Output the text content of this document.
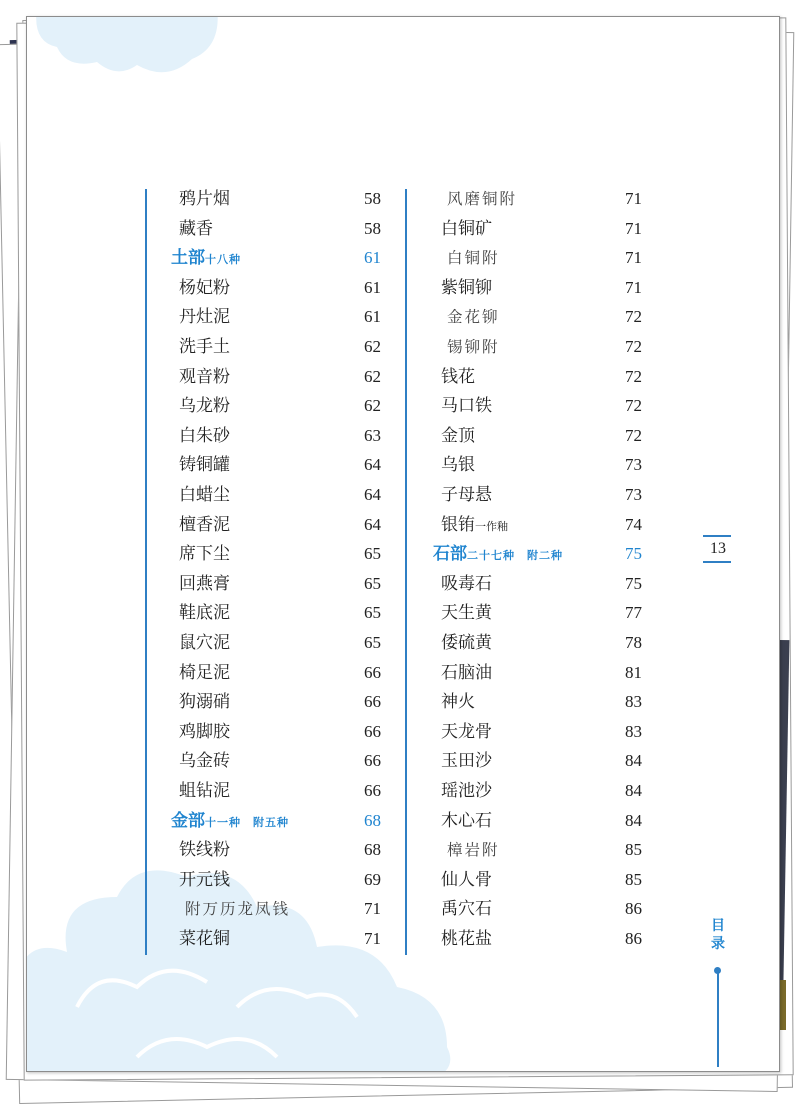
鸦片烟	58
藏香	58
土部十八种	61
杨妃粉	61
丹灶泥	61
洗手土	62
观音粉	62
乌龙粉	62
白朱砂	63
铸铜罐	64
白蜡尘	64
檀香泥	64
席下尘	65
回燕膏	65
鞋底泥	65
鼠穴泥	65
椅足泥	66
狗溺硝	66
鸡脚胶	66
乌金砖	66
蛆钻泥	66
金部十一种　附五种	68
铁线粉	68
开元钱	69
附万历龙凤钱	71
菜花铜	71
风磨铜附	71
白铜矿	71
白铜附	71
紫铜铆	71
金花铆	72
锡铆附	72
钱花	72
马口铁	72
金顶	72
乌银	73
子母悬	73
银铕一作釉	74
石部二十七种　附二种	75
吸毒石	75
天生黄	77
倭硫黄	78
石脑油	81
神火	83
天龙骨	83
玉田沙	84
瑶池沙	84
木心石	84
樟岩附	85
仙人骨	85
禹穴石	86
桃花盐	86
13
目录
